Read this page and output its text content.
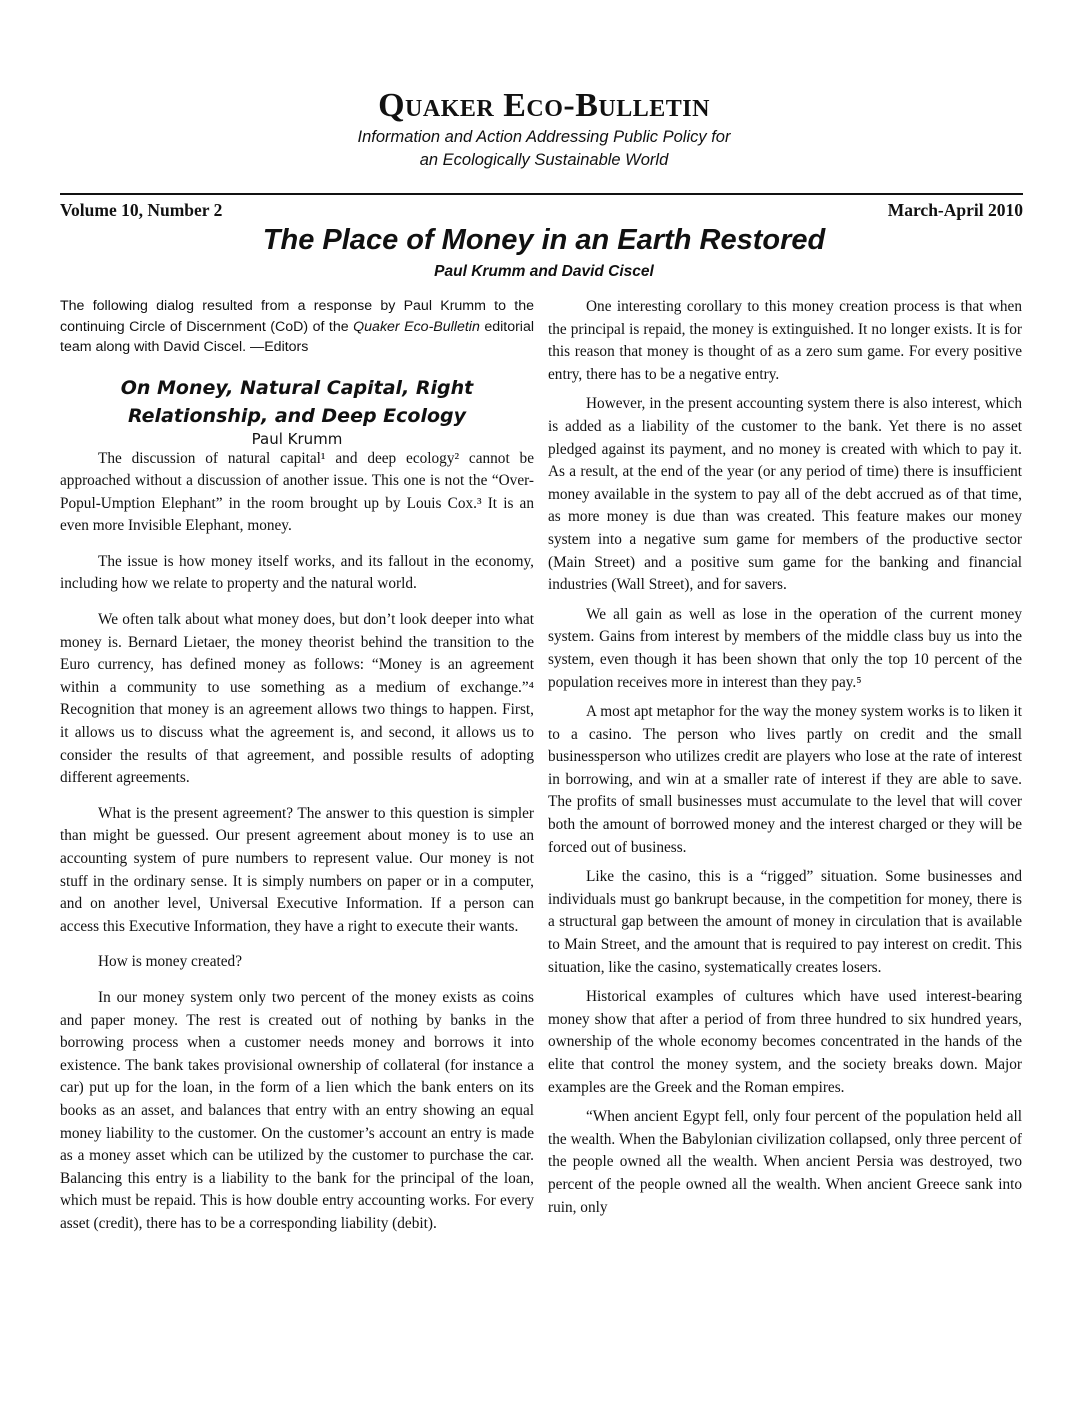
Quaker Eco-Bulletin
Information and Action Addressing Public Policy for
an Ecologically Sustainable World
Volume 10, Number 2	March-April 2010
The Place of Money in an Earth Restored
Paul Krumm and David Ciscel

The following dialog resulted from a response by Paul Krumm to the continuing Circle of Discernment (CoD) of the Quaker Eco-Bulletin editorial team along with David Ciscel. —Editors

On Money, Natural Capital, Right
Relationship, and Deep Ecology
Paul Krumm

The discussion of natural capital¹ and deep ecology² cannot be approached without a discussion of another issue. This one is not the “Over-Popul-Umption Elephant” in the room brought up by Louis Cox.³ It is an even more Invisible Elephant, money.

The issue is how money itself works, and its fallout in the economy, including how we relate to property and the natural world.

We often talk about what money does, but don’t look deeper into what money is. Bernard Lietaer, the money theorist behind the transition to the Euro currency, has defined money as follows: “Money is an agreement within a community to use something as a medium of exchange.”⁴ Recognition that money is an agreement allows two things to happen. First, it allows us to discuss what the agreement is, and second, it allows us to consider the results of that agreement, and possible results of adopting different agreements.

What is the present agreement? The answer to this question is simpler than might be guessed. Our present agreement about money is to use an accounting system of pure numbers to represent value. Our money is not stuff in the ordinary sense. It is simply numbers on paper or in a computer, and on another level, Universal Executive Information. If a person can access this Executive Information, they have a right to execute their wants.

How is money created?

In our money system only two percent of the money exists as coins and paper money. The rest is created out of nothing by banks in the borrowing process when a customer needs money and borrows it into existence. The bank takes provisional ownership of collateral (for instance a car) put up for the loan, in the form of a lien which the bank enters on its books as an asset, and balances that entry with an entry showing an equal money liability to the customer. On the customer’s account an entry is made as a money asset which can be utilized by the customer to purchase the car. Balancing this entry is a liability to the bank for the principal of the loan, which must be repaid. This is how double entry accounting works. For every asset (credit), there has to be a corresponding liability (debit).

One interesting corollary to this money creation process is that when the principal is repaid, the money is extinguished. It no longer exists. It is for this reason that money is thought of as a zero sum game. For every positive entry, there has to be a negative entry.

However, in the present accounting system there is also interest, which is added as a liability of the customer to the bank. Yet there is no asset pledged against its payment, and no money is created with which to pay it. As a result, at the end of the year (or any period of time) there is insufficient money available in the system to pay all of the debt accrued as of that time, as more money is due than was created. This feature makes our money system into a negative sum game for members of the productive sector (Main Street) and a positive sum game for the banking and financial industries (Wall Street), and for savers.

We all gain as well as lose in the operation of the current money system. Gains from interest by members of the middle class buy us into the system, even though it has been shown that only the top 10 percent of the population receives more in interest than they pay.⁵

A most apt metaphor for the way the money system works is to liken it to a casino. The person who lives partly on credit and the small businessperson who utilizes credit are players who lose at the rate of interest in borrowing, and win at a smaller rate of interest if they are able to save. The profits of small businesses must accumulate to the level that will cover both the amount of borrowed money and the interest charged or they will be forced out of business.

Like the casino, this is a “rigged” situation. Some businesses and individuals must go bankrupt because, in the competition for money, there is a structural gap between the amount of money in circulation that is available to Main Street, and the amount that is required to pay interest on credit. This situation, like the casino, systematically creates losers.

Historical examples of cultures which have used interest-bearing money show that after a period of from three hundred to six hundred years, ownership of the whole economy becomes concentrated in the hands of the elite that control the money system, and the society breaks down. Major examples are the Greek and the Roman empires.

“When ancient Egypt fell, only four percent of the population held all the wealth. When the Babylonian civilization collapsed, only three percent of the people owned all the wealth. When ancient Persia was destroyed, two percent of the people owned all the wealth. When ancient Greece sank into ruin, only
